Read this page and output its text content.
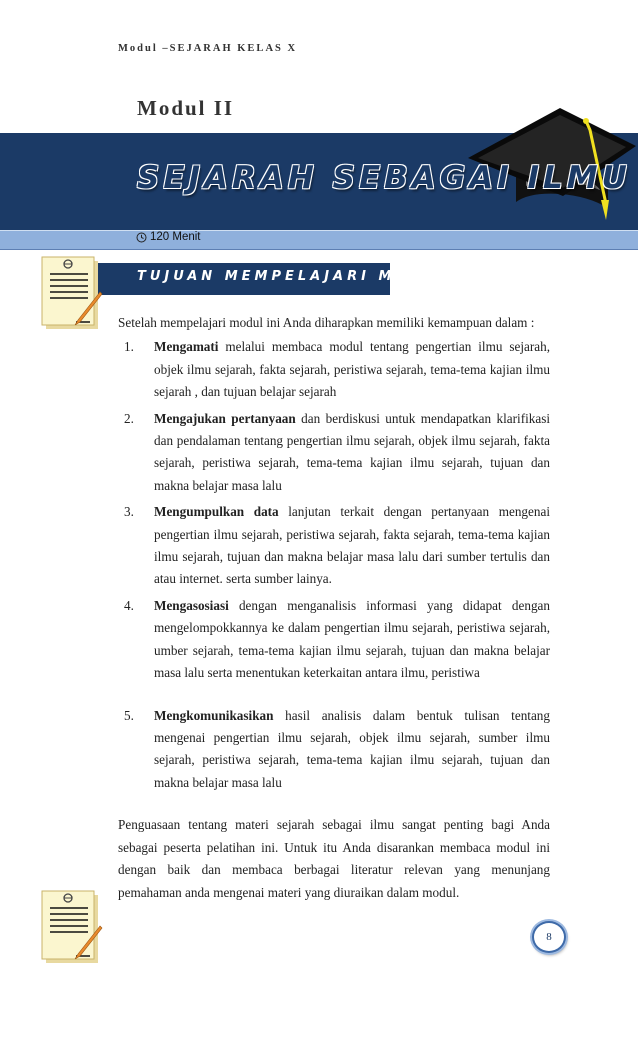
Modul –SEJARAH KELAS X
Modul II
SEJARAH SEBAGAI ILMU
120 Menit
TUJUAN MEMPELAJARI MODUL

Setelah mempelajari modul ini Anda diharapkan memiliki kemampuan dalam :

1. Mengamati melalui membaca modul tentang pengertian ilmu sejarah, objek ilmu sejarah, fakta sejarah, peristiwa sejarah, tema-tema kajian ilmu sejarah , dan tujuan belajar sejarah
2. Mengajukan pertanyaan dan berdiskusi untuk mendapatkan klarifikasi dan pendalaman tentang pengertian ilmu sejarah, objek ilmu sejarah, fakta sejarah, peristiwa sejarah, tema-tema kajian ilmu sejarah, tujuan dan makna belajar masa lalu
3. Mengumpulkan data lanjutan terkait dengan pertanyaan mengenai pengertian ilmu sejarah, peristiwa sejarah, fakta sejarah, tema-tema kajian ilmu sejarah, tujuan dan makna belajar masa lalu dari sumber tertulis dan atau internet. serta sumber lainya.
4. Mengasosiasi dengan menganalisis informasi yang didapat dengan mengelompokkannya ke dalam pengertian ilmu sejarah, peristiwa sejarah, umber sejarah, tema-tema kajian ilmu sejarah, tujuan dan makna belajar masa lalu serta menentukan keterkaitan antara ilmu, peristiwa
5. Mengkomunikasikan hasil analisis dalam bentuk tulisan tentang mengenai pengertian ilmu sejarah, objek ilmu sejarah, sumber ilmu sejarah, peristiwa sejarah, tema-tema kajian ilmu sejarah, tujuan dan makna belajar masa lalu

Penguasaan tentang materi sejarah sebagai ilmu sangat penting bagi Anda sebagai peserta pelatihan ini. Untuk itu Anda disarankan membaca modul ini dengan baik dan membaca berbagai literatur relevan yang menunjang pemahaman anda mengenai materi yang diuraikan dalam modul.

8
